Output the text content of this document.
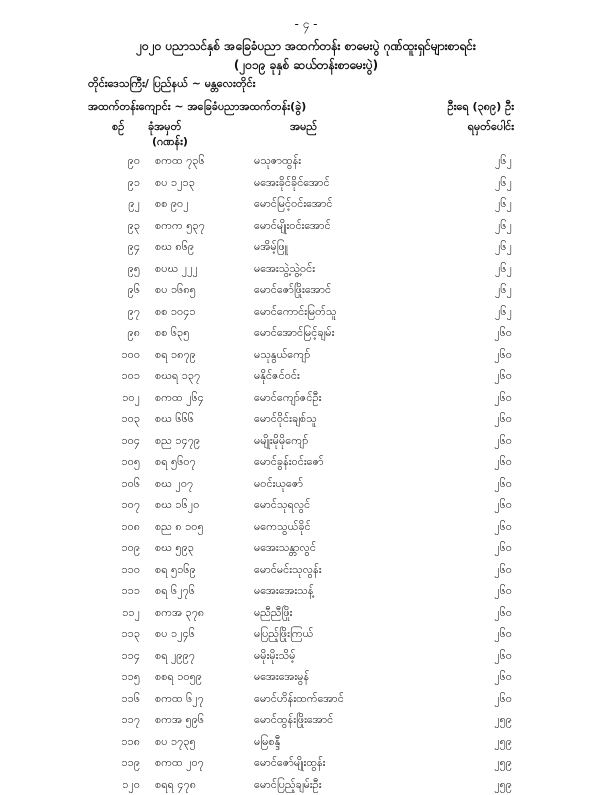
- ၄ -
၂၀၂၀ ပညာသင်နှစ် အခြေခံပညာ အထက်တန်း စာမေးပွဲ ဂုဏ်ထူးရှင်များစာရင်း
(၂၀၁၉ ခုနှစ် ဆယ်တန်းစာမေးပွဲ)
တိုင်းဒေသကြီး/ ပြည်နယ် ~ မန္တလေးတိုင်း
အထက်တန်းကျောင်း ~ အခြေခံပညာအထက်တန်း(ခွဲ)	ဦးရေ (၃၈၉) ဦး
စဉ် ခုံအမှတ်
(ဂဏန်း)
အမည်	ရမှတ်ပေါင်း
၉၀ စကထ ၇၃၆	မသုဇာထွန်း	၂၆၂
၉၁ စပ ၁၂၁၃	မအေးခိုင်ခိုင်အောင်	၂၆၂
၉၂ စစ ၉၀၂	မောင်မြင့်ဝင်းအောင်	၂၆၂
၉၃ စကက ၅၃၇	မောင်မျိုးဝင်းအောင်	၂၆၂
၉၄ စဃ ၈၆၉	မအိမ့်ဖြူ	၂၆၂
၉၅ စပဃ ၂၂၂	မအေးသွဲ့သွဲ့ဝင်း	၂၆၂
၉၆ စပ ၁၆၈၅	မောင်ဇော်ဖြိုးအောင်	၂၆၂
၉၇ စစ ၁၀၄၁	မောင်ကောင်းမြတ်သူ	၂၆၂
၉၈ စစ ၆၃၅	မောင်အောင်မြင့်ချမ်း	၂၆၀
၁၀၀ စရ ၁၈၇၉	မသုနွယ်ကျော်	၂၆၀
၁၀၁ စဃရ ၁၃၇	မနိုင်ဇင်ဝင်း	၂၆၀
၁၀၂ စကထ ၂၆၄	မောင်ကျော်ဇင်ဦး	၂၆၀
၁၀၃ စဃ ၆၆၆	မောင်ဝိုင်းချစ်သူ	၂၆၀
၁၀၄ စည ၁၄၇၉	မမျိုးမိုမိုကျော်	၂၆၀
၁၀၅ စရ ၅၆၀၇	မောင်ခွန်းဝင်းဇော်	၂၆၀
၁၀၆ စဃ ၂၀၇	မဝင်းယုဇော်	၂၆၀
၁၀၇ စဃ ၁၆၂၀	မောင်သုရလွင်	၂၆၀
၁၀၈ စည ၈ ၁၀၅	မကေသွယ်ခိုင်	၂၆၀
၁၀၉ စဃ ၅၉၃	မအေးသန္တာလွင်	၂၆၀
၁၁၀ စရ ၅၁၆၉	မောင်မင်းသုလွန်း	၂၆၀
၁၁၁ စရ ၆၂၇၆	မအေးအေးသန့်	၂၆၀
၁၁၂ စကအ ၃၇၈	မညီညီဖြိုး	၂၆၀
၁၁၃ စပ ၁၂၄၆	မပြည့်ဖြိုးကြယ်	၂၆၀
၁၁၄ စရ ၂၉၉၇	မမိုးမိုးသိမ့်	၂၆၀
၁၁၅ စစရ ၁၀၅၉	မအေးအေးမွန်	၂၆၀
၁၁၆ စကထ ၆၂၇	မောင်ဟိန်းထက်အောင်	၂၆၀
၁၁၇ စကအ ၅၉၆	မောင်ထွန်းဖြိုးအောင်	၂၅၉
၁၁၈ စပ ၁၇၃၅	မမြစန္ဒီ	၂၅၉
၁၁၉ စကထ ၂၀၇	မောင်ဇော်မျိုးထွန်း	၂၅၉
၁၂၀ စရရ ၄၇၈	မောင်ပြည့်ချမ်းဦး	၂၅၉
